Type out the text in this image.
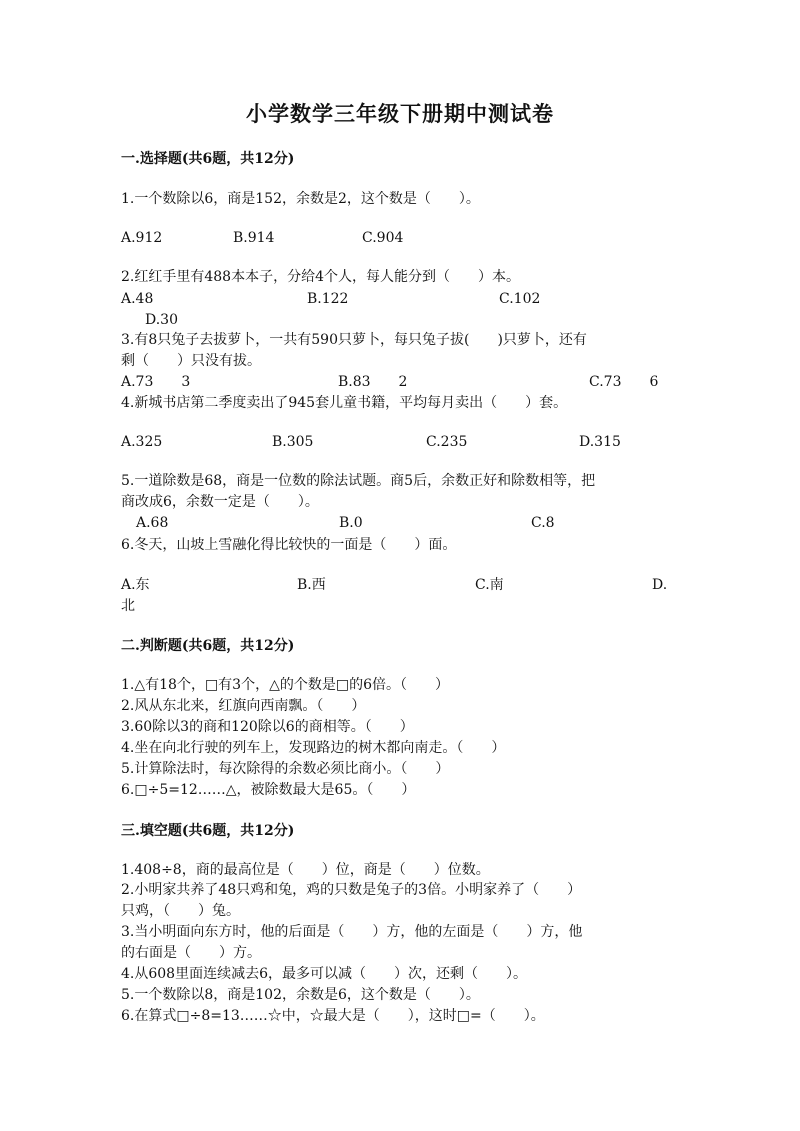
小学数学三年级下册期中测试卷
一.选择题(共6题，共12分)
1.一个数除以6，商是152，余数是2，这个数是（　　）。
A.912	B.914	C.904
2.红红手里有488本本子，分给4个人，每人能分到（　　）本。
A.48	B.122	C.102
D.30
3.有8只兔子去拔萝卜，一共有590只萝卜，每只兔子拔(　　)只萝卜，还有
剩（　　）只没有拔。
A.73　　3	B.83　　2	C.73　　6
4.新城书店第二季度卖出了945套儿童书籍，平均每月卖出（　　）套。
A.325	B.305	C.235	D.315
5.一道除数是68，商是一位数的除法试题。商5后，余数正好和除数相等，把
商改成6，余数一定是（　　）。
A.68	B.0	C.8
6.冬天，山坡上雪融化得比较快的一面是（　　）面。
A.东	B.西	C.南	D.
北
二.判断题(共6题，共12分)
1.△有18个，□有3个，△的个数是□的6倍。（　　）
2.风从东北来，红旗向西南飘。（　　）
3.60除以3的商和120除以6的商相等。（　　）
4.坐在向北行驶的列车上，发现路边的树木都向南走。（　　）
5.计算除法时，每次除得的余数必须比商小。（　　）
6.□÷5=12……△，被除数最大是65。（　　）
三.填空题(共6题，共12分)
1.408÷8，商的最高位是（　　）位，商是（　　）位数。
2.小明家共养了48只鸡和兔，鸡的只数是兔子的3倍。小明家养了（　　）
只鸡，（　　）兔。
3.当小明面向东方时，他的后面是（　　）方，他的左面是（　　）方，他
的右面是（　　）方。
4.从608里面连续减去6，最多可以减（　　）次，还剩（　　）。
5.一个数除以8，商是102，余数是6，这个数是（　　）。
6.在算式□÷8=13……☆中，☆最大是（　　），这时□=（　　）。
